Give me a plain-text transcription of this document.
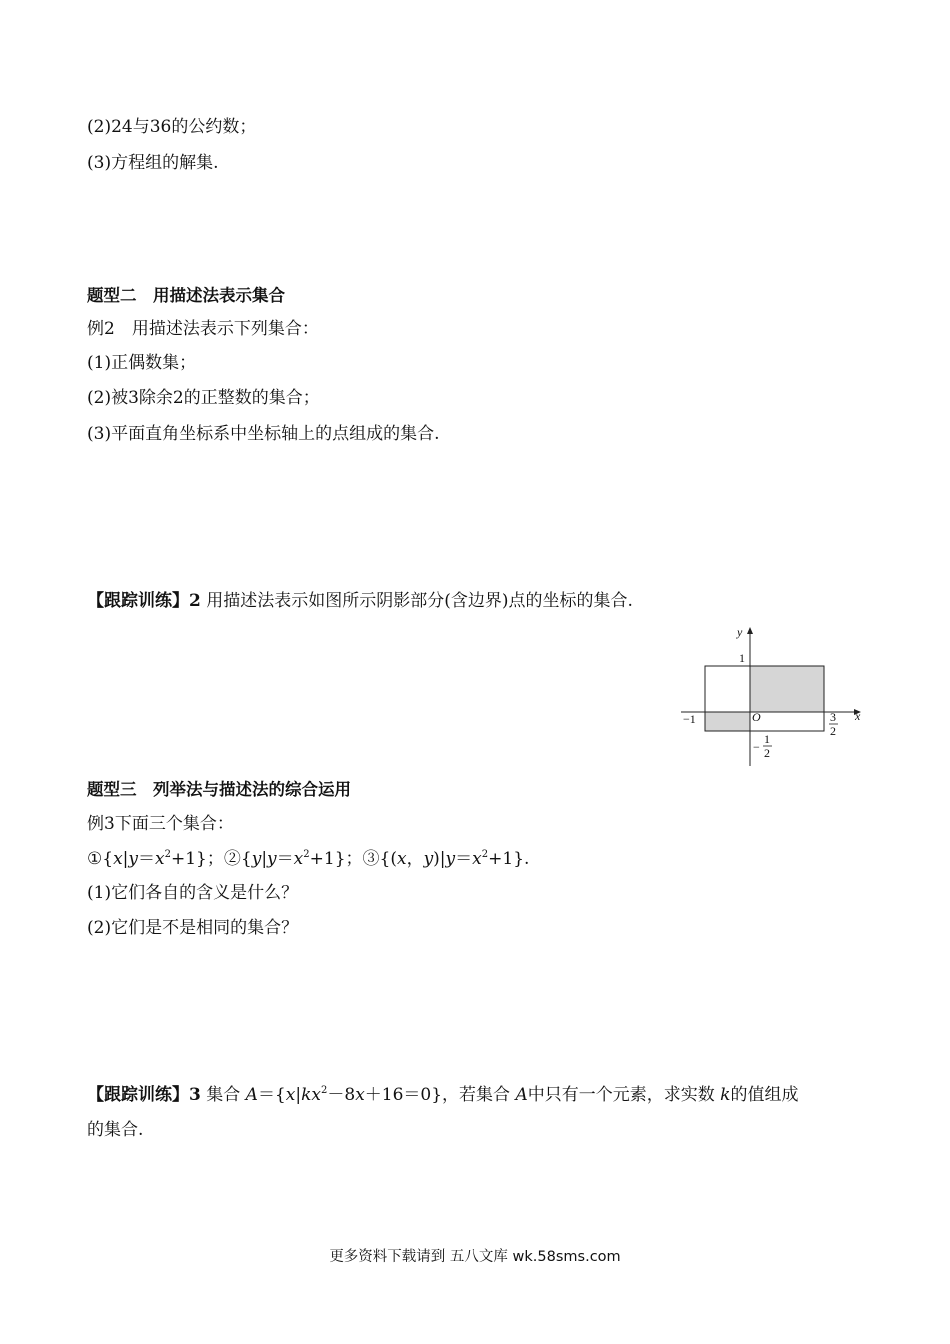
(2)24与36的公约数；
(3)方程组的解集.
题型二　用描述法表示集合
例2　用描述法表示下列集合：
(1)正偶数集；
(2)被3除余2的正整数的集合；
(3)平面直角坐标系中坐标轴上的点组成的集合.
【跟踪训练】2 用描述法表示如图所示阴影部分(含边界)点的坐标的集合.
y
x
O
1
−1	3
2
−
1
2
题型三　列举法与描述法的综合运用
例3下面三个集合：
$①\{x|y=x^2+1\}$；$②\{y|y=x^2+1\}$；③{(x，$y)|y=x^2+1$}.
(1)它们各自的含义是什么？
(2)它们是不是相同的集合？
【跟踪训练】3 集合 $A=\{x|kx^2-8x+16=0\}$，若集合 A中只有一个元素，求实数 k的值组成
的集合.
更多资料下载请到 五八文库 wk.58sms.com
